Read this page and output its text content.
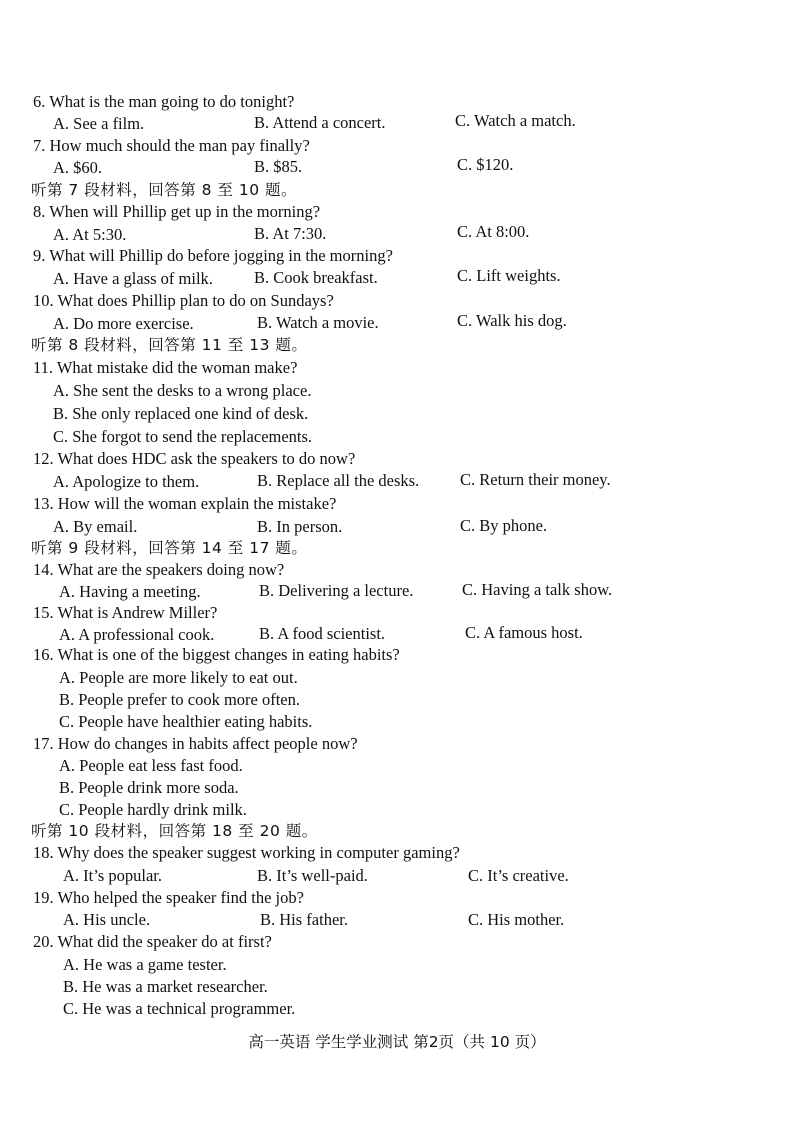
6. What is the man going to do tonight?
A. See a film.	B. Attend a concert.	C. Watch a match.
7. How much should the man pay finally?
A. $60.	B. $85.	C. $120.
听第 7 段材料，回答第 8 至 10 题。
8. When will Phillip get up in the morning?
A. At 5:30.	B. At 7:30.	C. At 8:00.
9. What will Phillip do before jogging in the morning?
A. Have a glass of milk. B. Cook breakfast.	C. Lift weights.
10. What does Phillip plan to do on Sundays?
A. Do more exercise.	B. Watch a movie.	C. Walk his dog.
听第 8 段材料，回答第 11 至 13 题。
11. What mistake did the woman make?
A. She sent the desks to a wrong place.
B. She only replaced one kind of desk.
C. She forgot to send the replacements.
12. What does HDC ask the speakers to do now?
A. Apologize to them.	B. Replace all the desks. C. Return their money.
13. How will the woman explain the mistake?
A. By email.	B. In person.	C. By phone.
听第 9 段材料，回答第 14 至 17 题。
14. What are the speakers doing now?
A. Having a meeting.	B. Delivering a lecture.	C. Having a talk show.
15. What is Andrew Miller?
A. A professional cook.	B. A food scientist.	C. A famous host.
16. What is one of the biggest changes in eating habits?
A. People are more likely to eat out.
B. People prefer to cook more often.
C. People have healthier eating habits.
17. How do changes in habits affect people now?
A. People eat less fast food.
B. People drink more soda.
C. People hardly drink milk.
听第 10 段材料，回答第 18 至 20 题。
18. Why does the speaker suggest working in computer gaming?
A. It’s popular.	B. It’s well-paid.	C. It’s creative.
19. Who helped the speaker find the job?
A. His uncle.	B. His father.	C. His mother.
20. What did the speaker do at first?
A. He was a game tester.
B. He was a market researcher.
C. He was a technical programmer.
高一英语 学生学业测试 第2页（共 10 页）
